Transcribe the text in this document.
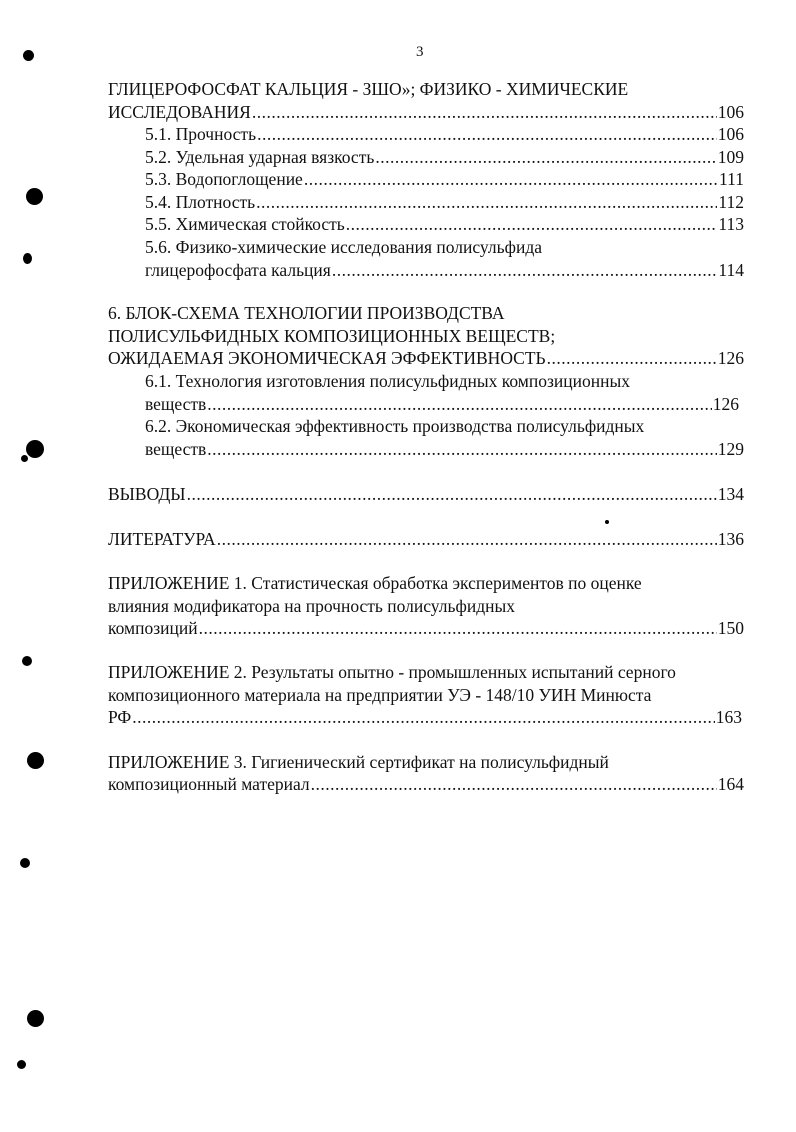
3
ГЛИЦЕРОФОСФАТ КАЛЬЦИЯ - ЗШО»; ФИЗИКО - ХИМИЧЕСКИЕ
ИССЛЕДОВАНИЯ .....	106
5.1. Прочность .....	106
5.2. Удельная ударная вязкость .....	109
5.3. Водопоглощение .....	111
5.4. Плотность .....	112
5.5. Химическая стойкость .....	113
5.6. Физико-химические исследования полисульфида
глицерофосфата кальция .....	114
6. БЛОК-СХЕМА ТЕХНОЛОГИИ ПРОИЗВОДСТВА
ПОЛИСУЛЬФИДНЫХ КОМПОЗИЦИОННЫХ ВЕЩЕСТВ;
ОЖИДАЕМАЯ ЭКОНОМИЧЕСКАЯ ЭФФЕКТИВНОСТЬ .....	126
6.1. Технология изготовления полисульфидных композиционных
веществ .....	126
6.2. Экономическая эффективность производства полисульфидных
веществ .....	129
ВЫВОДЫ .....	134
ЛИТЕРАТУРА .....	136
ПРИЛОЖЕНИЕ 1. Статистическая обработка экспериментов по оценке
влияния модификатора на прочность полисульфидных
композиций .....	150
ПРИЛОЖЕНИЕ 2. Результаты опытно - промышленных испытаний серного
композиционного материала на предприятии УЭ - 148/10 УИН Минюста
РФ .....	163
ПРИЛОЖЕНИЕ 3. Гигиенический сертификат на полисульфидный
композиционный материал .....	164
